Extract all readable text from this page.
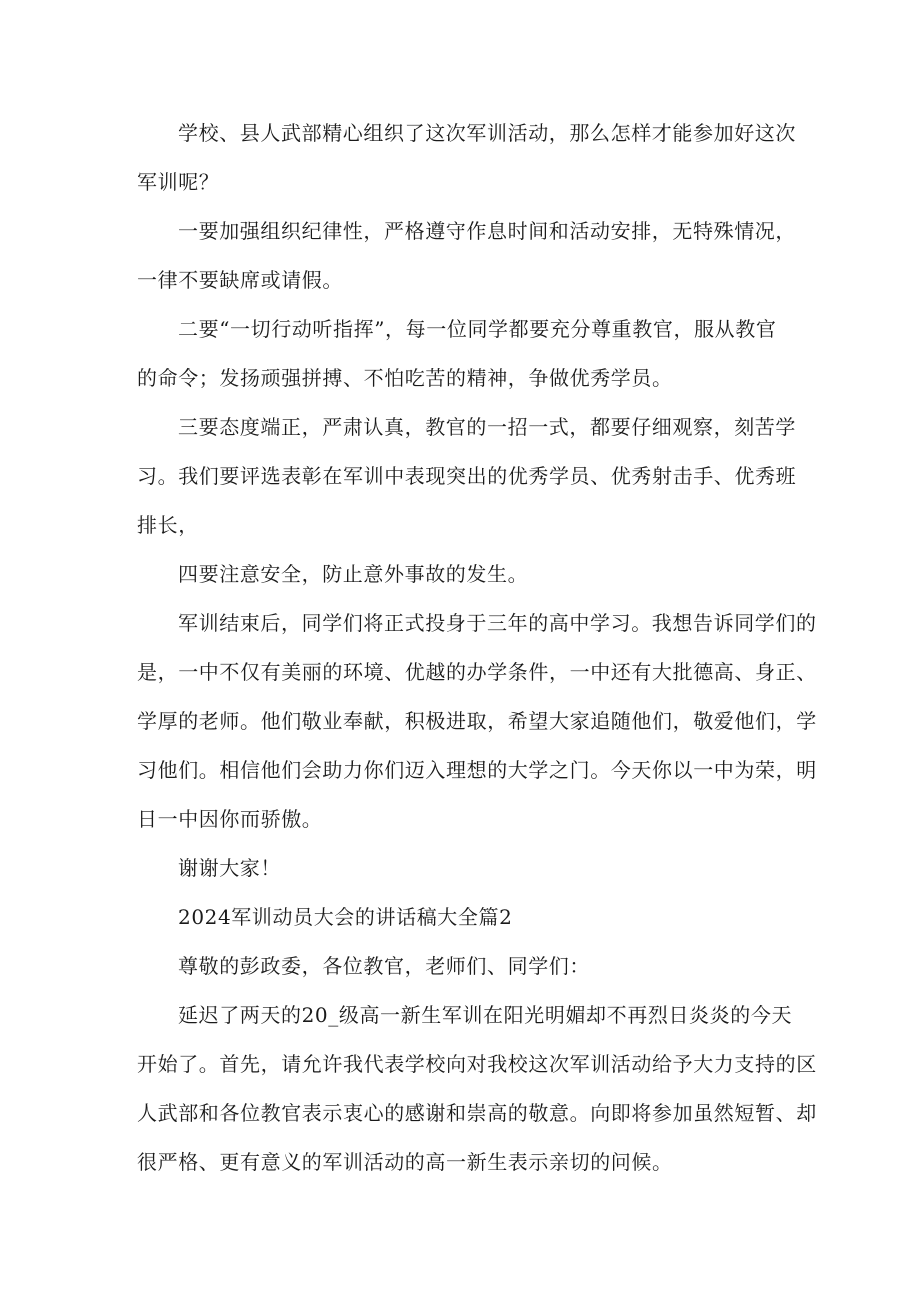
学校、县人武部精心组织了这次军训活动，那么怎样才能参加好这次

军训呢？

一要加强组织纪律性，严格遵守作息时间和活动安排，无特殊情况，

一律不要缺席或请假。

二要“一切行动听指挥”，每一位同学都要充分尊重教官，服从教官

的命令；发扬顽强拼搏、不怕吃苦的精神，争做优秀学员。

三要态度端正，严肃认真，教官的一招一式，都要仔细观察，刻苦学

习。我们要评选表彰在军训中表现突出的优秀学员、优秀射击手、优秀班

排长，

四要注意安全，防止意外事故的发生。

军训结束后，同学们将正式投身于三年的高中学习。我想告诉同学们的

是，一中不仅有美丽的环境、优越的办学条件，一中还有大批德高、身正、

学厚的老师。他们敬业奉献，积极进取，希望大家追随他们，敬爱他们，学

习他们。相信他们会助力你们迈入理想的大学之门。今天你以一中为荣，明

日一中因你而骄傲。

谢谢大家！

2024军训动员大会的讲话稿大全篇2

尊敬的彭政委，各位教官，老师们、同学们：

延迟了两天的20_级高一新生军训在阳光明媚却不再烈日炎炎的今天

开始了。首先，请允许我代表学校向对我校这次军训活动给予大力支持的区

人武部和各位教官表示衷心的感谢和崇高的敬意。向即将参加虽然短暂、却

很严格、更有意义的军训活动的高一新生表示亲切的问候。
